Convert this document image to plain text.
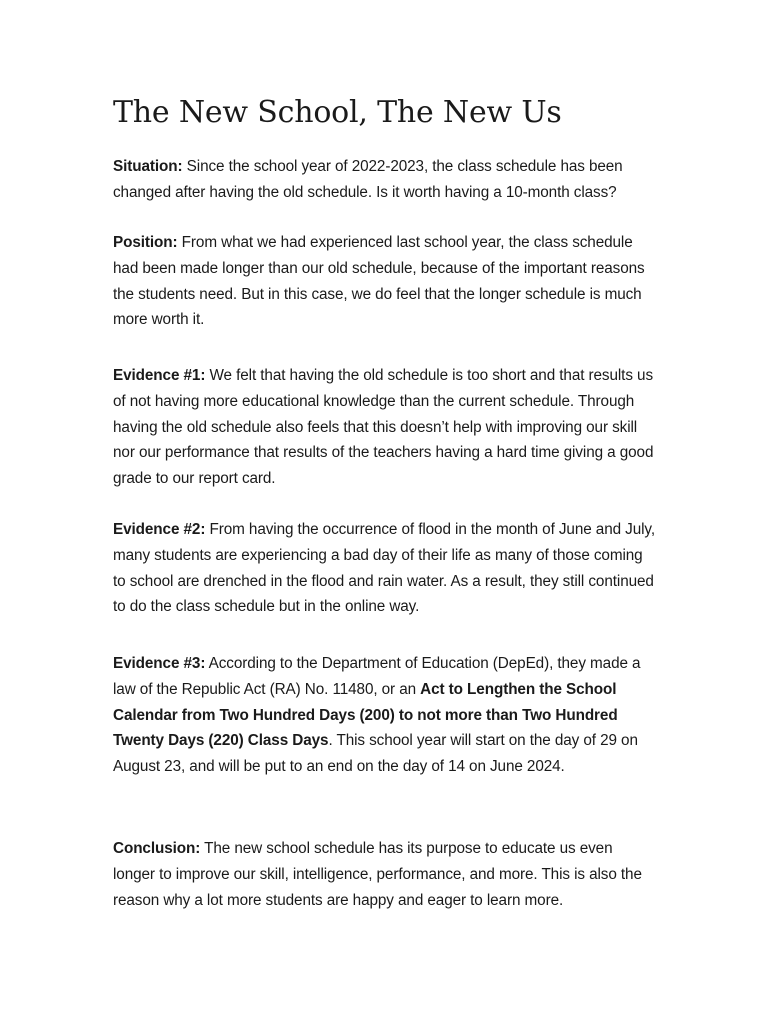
The New School, The New Us

Situation: Since the school year of 2022-2023, the class schedule has been changed after having the old schedule. Is it worth having a 10-month class?

Position: From what we had experienced last school year, the class schedule had been made longer than our old schedule, because of the important reasons the students need. But in this case, we do feel that the longer schedule is much more worth it.

Evidence #1: We felt that having the old schedule is too short and that results us of not having more educational knowledge than the current schedule. Through having the old schedule also feels that this doesn’t help with improving our skill nor our performance that results of the teachers having a hard time giving a good grade to our report card.

Evidence #2: From having the occurrence of flood in the month of June and July, many students are experiencing a bad day of their life as many of those coming to school are drenched in the flood and rain water. As a result, they still continued to do the class schedule but in the online way.

Evidence #3: According to the Department of Education (DepEd), they made a law of the Republic Act (RA) No. 11480, or an Act to Lengthen the School Calendar from Two Hundred Days (200) to not more than Two Hundred Twenty Days (220) Class Days. This school year will start on the day of 29 on August 23, and will be put to an end on the day of 14 on June 2024.

Conclusion: The new school schedule has its purpose to educate us even longer to improve our skill, intelligence, performance, and more. This is also the reason why a lot more students are happy and eager to learn more.
